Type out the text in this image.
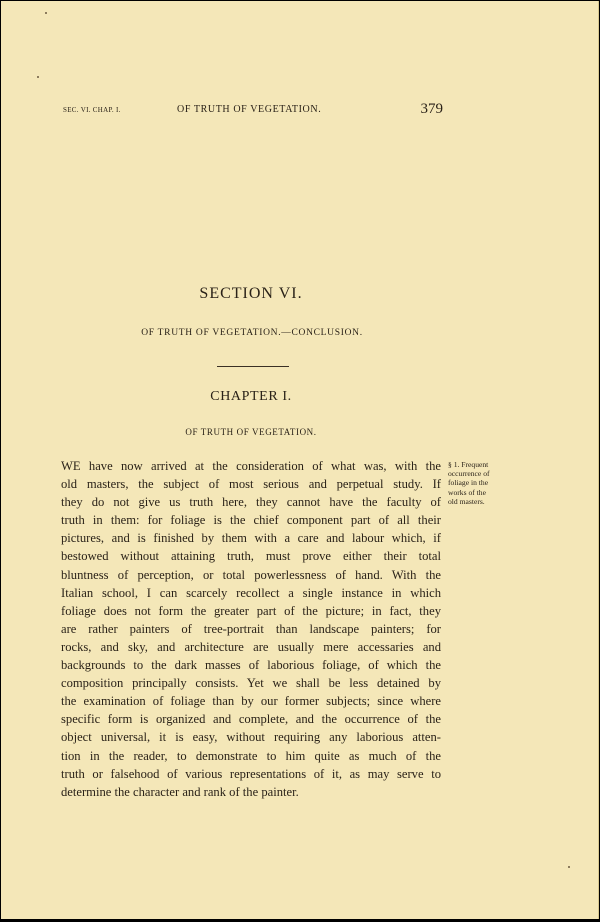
SEC. VI. CHAP. I.	OF TRUTH OF VEGETATION.	379
SECTION VI.
OF TRUTH OF VEGETATION.—CONCLUSION.
CHAPTER I.
OF TRUTH OF VEGETATION.
WE have now arrived at the consideration of what was, with the
old masters, the subject of most serious and perpetual study. If
they do not give us truth here, they cannot have the faculty of
truth in them: for foliage is the chief component part of all their
pictures, and is finished by them with a care and labour which, if
bestowed without attaining truth, must prove either their total
bluntness of perception, or total powerlessness of hand. With the
Italian school, I can scarcely recollect a single instance in which
foliage does not form the greater part of the picture; in fact, they
are rather painters of tree-portrait than landscape painters; for
rocks, and sky, and architecture are usually mere accessaries and
backgrounds to the dark masses of laborious foliage, of which the
composition principally consists. Yet we shall be less detained by
the examination of foliage than by our former subjects; since where
specific form is organized and complete, and the occurrence of the
object universal, it is easy, without requiring any laborious atten-
tion in the reader, to demonstrate to him quite as much of the
truth or falsehood of various representations of it, as may serve to
determine the character and rank of the painter.
§ 1. Frequent
occurrence of
foliage in the
works of the
old masters.
